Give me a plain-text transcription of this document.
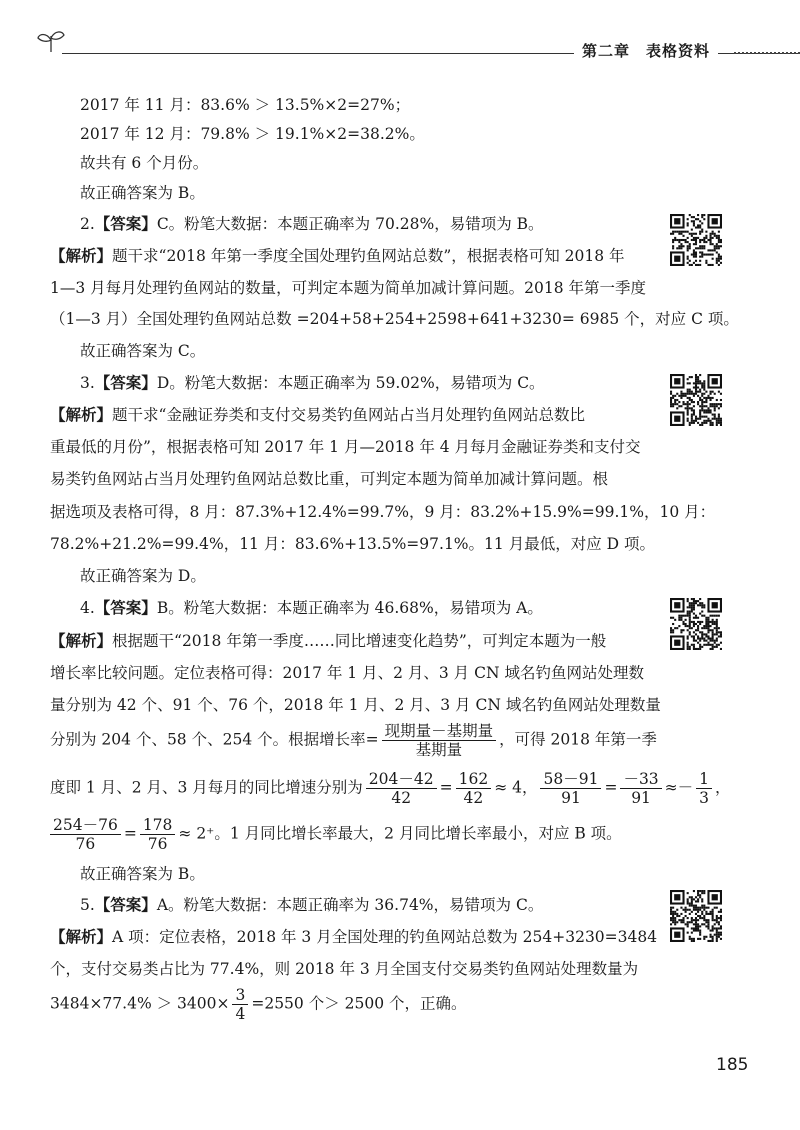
第二章 表格资料
2017 年 11 月：83.6% ＞ 13.5%×2=27%；
2017 年 12 月：79.8% ＞ 19.1%×2=38.2%。
故共有 6 个月份。
故正确答案为 B。
2.【答案】C。粉笔大数据：本题正确率为 70.28%，易错项为 B。
【解析】题干求“2018 年第一季度全国处理钓鱼网站总数”，根据表格可知 2018 年
1—3 月每月处理钓鱼网站的数量，可判定本题为简单加减计算问题。2018 年第一季度
（1—3 月）全国处理钓鱼网站总数 =204+58+254+2598+641+3230= 6985 个，对应 C 项。
故正确答案为 C。
3.【答案】D。粉笔大数据：本题正确率为 59.02%，易错项为 C。
【解析】题干求“金融证券类和支付交易类钓鱼网站占当月处理钓鱼网站总数比
重最低的月份”，根据表格可知 2017 年 1 月—2018 年 4 月每月金融证券类和支付交
易类钓鱼网站占当月处理钓鱼网站总数比重，可判定本题为简单加减计算问题。根
据选项及表格可得，8 月：87.3%+12.4%=99.7%，9 月：83.2%+15.9%=99.1%，10 月：
78.2%+21.2%=99.4%，11 月：83.6%+13.5%=97.1%。11 月最低，对应 D 项。
故正确答案为 D。
4.【答案】B。粉笔大数据：本题正确率为 46.68%，易错项为 A。
【解析】根据题干“2018 年第一季度……同比增速变化趋势”，可判定本题为一般
增长率比较问题。定位表格可得：2017 年 1 月、2 月、3 月 CN 域名钓鱼网站处理数
量分别为 42 个、91 个、76 个，2018 年 1 月、2 月、3 月 CN 域名钓鱼网站处理数量
分别为 204 个、58 个、254 个。根据增长率= $\frac{\text{现期量－基期量}}{\text{基期量}}$ ，可得 2018 年第一季
度即 1 月、2 月、3 月每月的同比增速分别为 $\frac{204-42}{42} = \frac{162}{42} \approx 4$， $\frac{58-91}{91} = \frac{-33}{91} \approx- \frac{1}{3}$ ，
$\frac{254-76}{76} = \frac{178}{76} \approx 2^+$。1 月同比增长率最大，2 月同比增长率最小，对应 B 项。
故正确答案为 B。
5.【答案】A。粉笔大数据：本题正确率为 36.74%，易错项为 C。
【解析】A 项：定位表格，2018 年 3 月全国处理的钓鱼网站总数为 254+3230=3484
个，支付交易类占比为 77.4%，则 2018 年 3 月全国支付交易类钓鱼网站处理数量为
$3484\times 77.4\% > 3400\times \frac{3}{4} =2550$ 个＞ 2500 个，正确。
185
